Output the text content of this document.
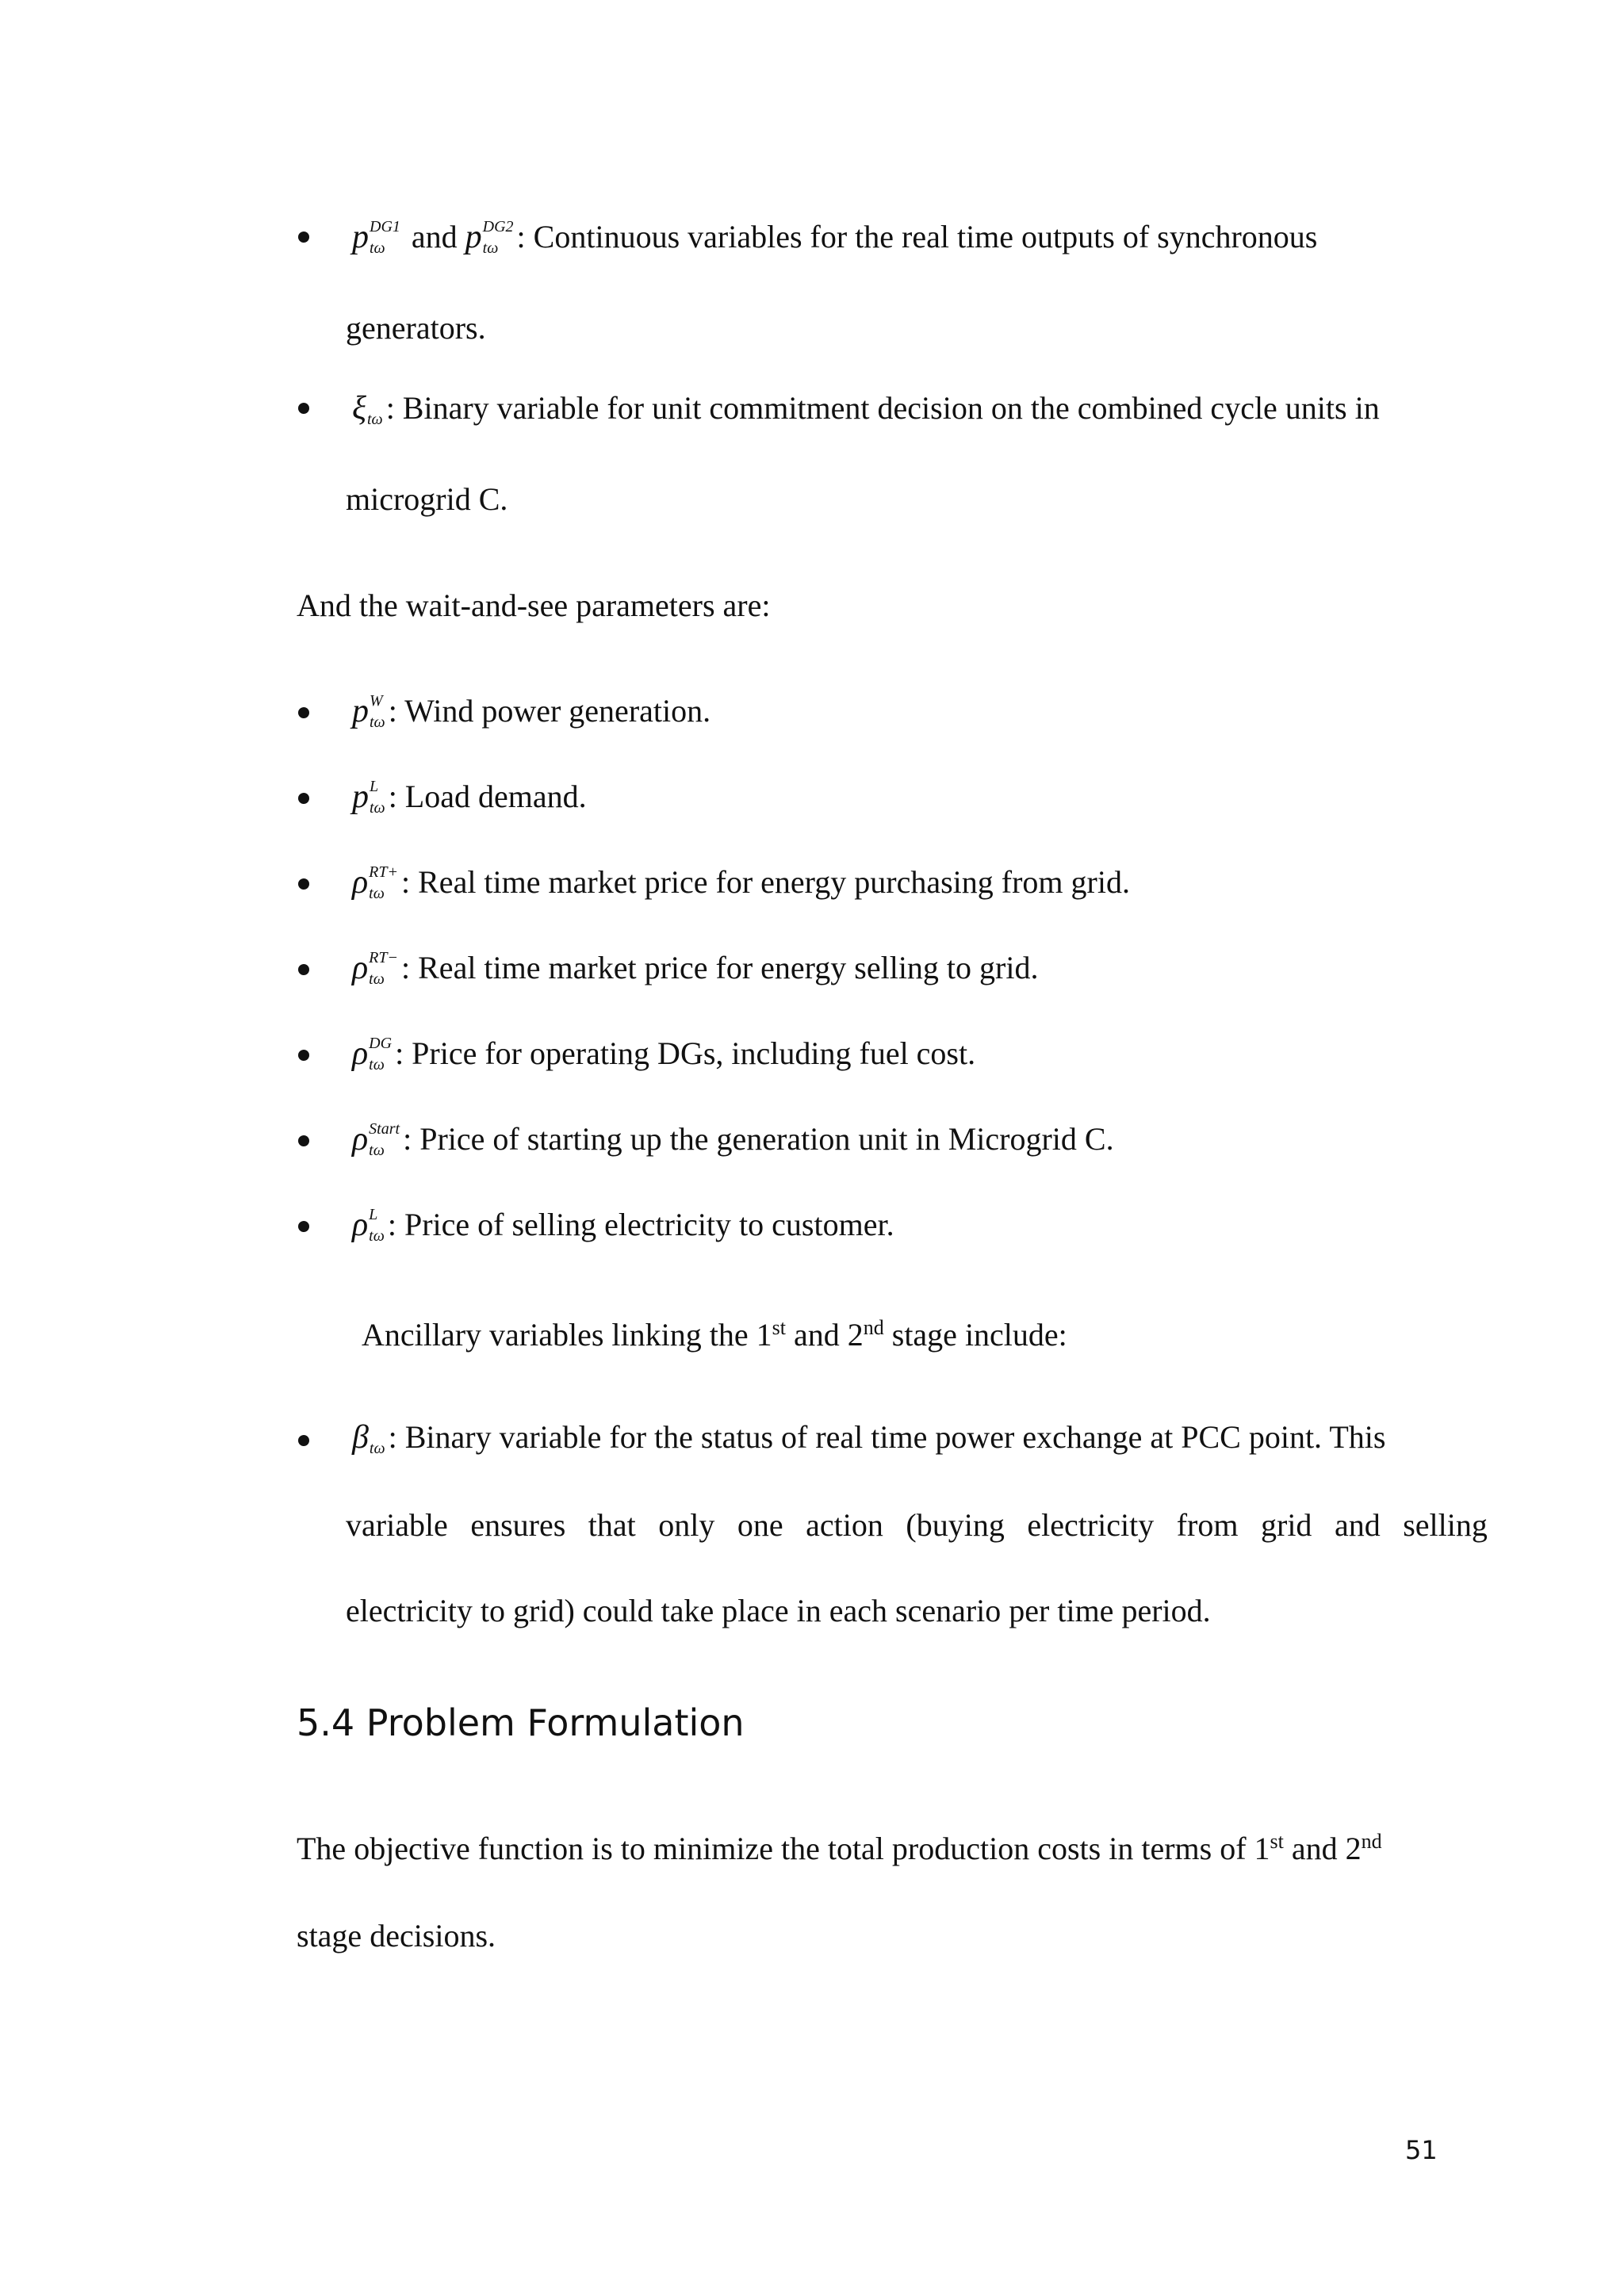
p DG1
tω and p DG2
tω : Continuous variables for the real time outputs of synchronous
generators.
ξ
tω : Binary variable for unit commitment decision on the combined cycle units in
microgrid C.
And the wait-and-see parameters are:
p W
tω : Wind power generation.
p L
tω : Load demand.
ρ RT+
tω : Real time market price for energy purchasing from grid.
ρ RT−
tω : Real time market price for energy selling to grid.
ρ DG
tω : Price for operating DGs, including fuel cost.
ρ Start
tω : Price of starting up the generation unit in Microgrid C.
ρ L
tω : Price of selling electricity to customer.
Ancillary variables linking the 1st and 2nd stage include:
β
tω : Binary variable for the status of real time power exchange at PCC point. This
variable ensures that only one action (buying electricity from grid and selling
electricity to grid) could take place in each scenario per time period.
5.4 Problem Formulation
The objective function is to minimize the total production costs in terms of 1st and 2nd
stage decisions.
51
